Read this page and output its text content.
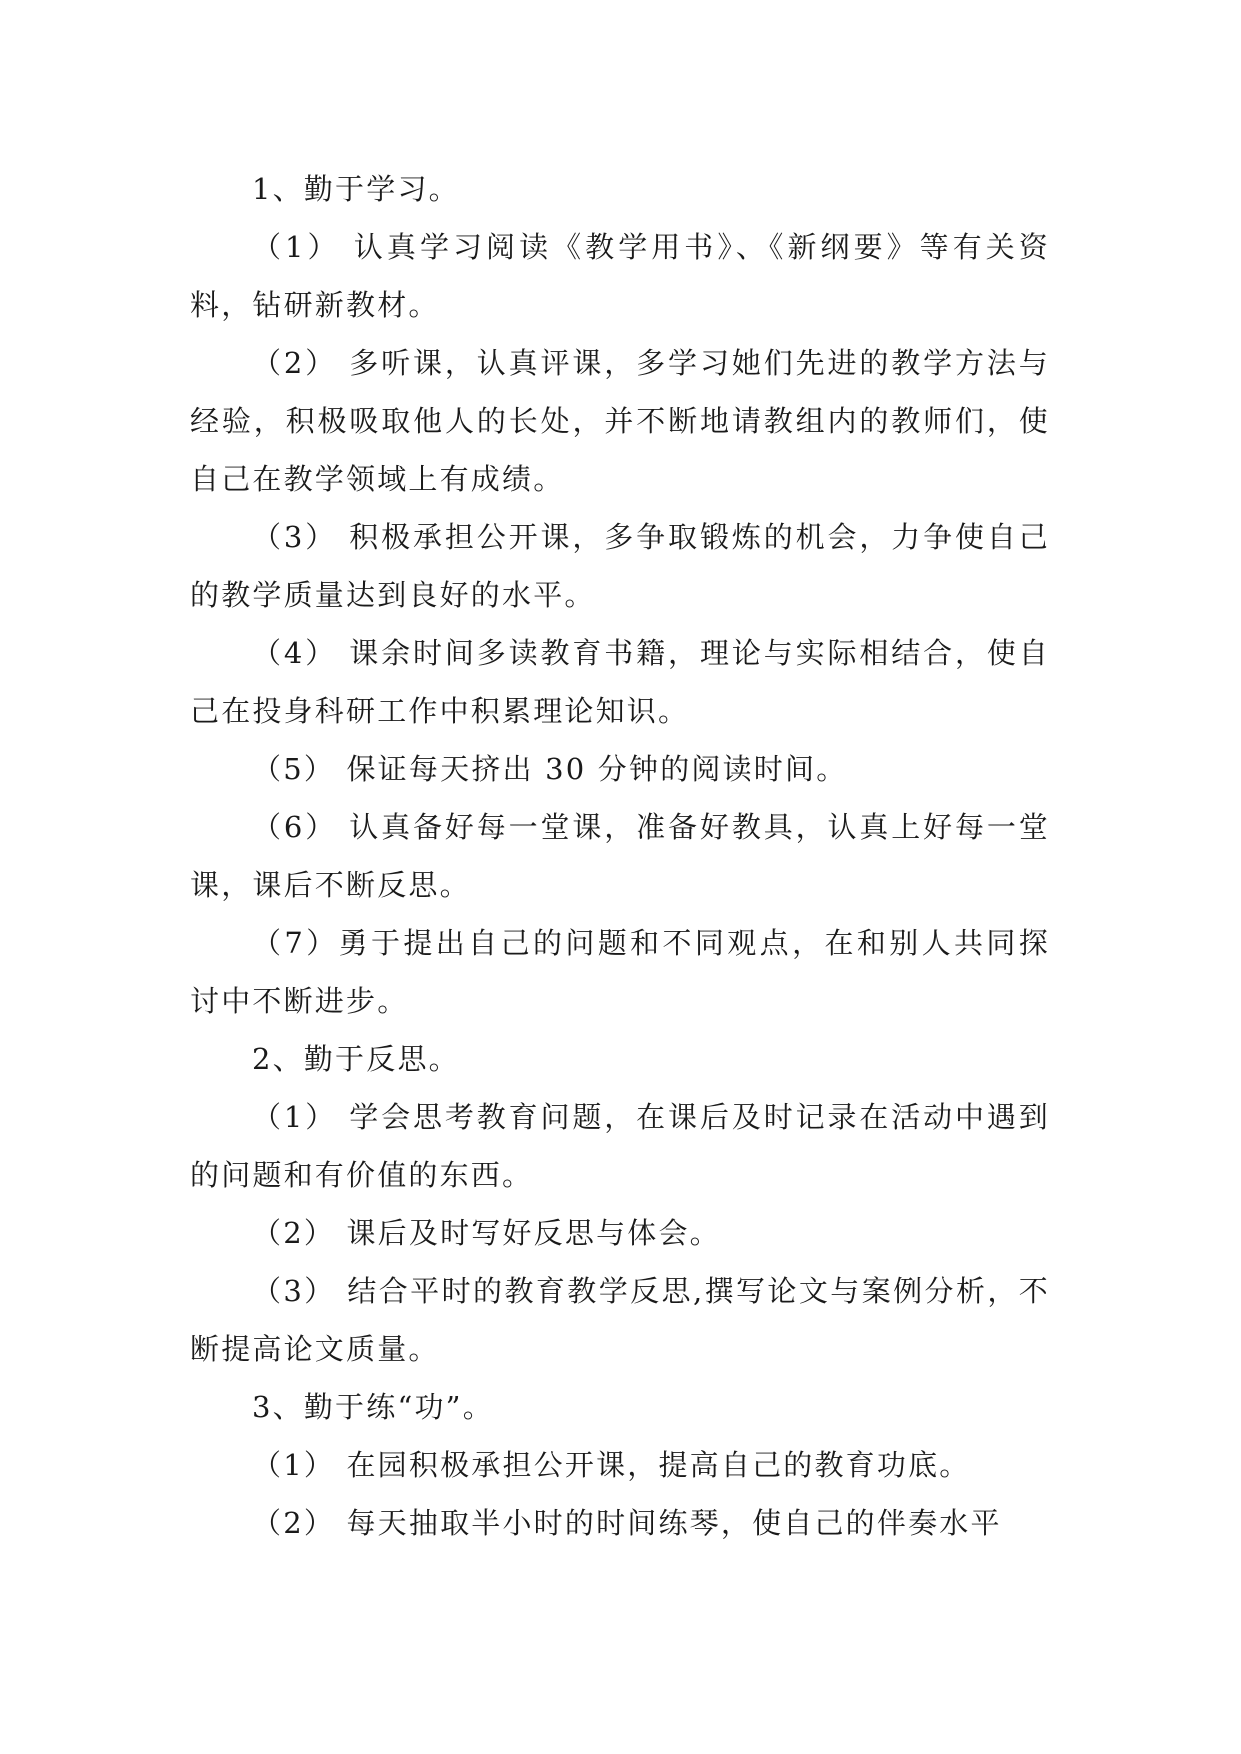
1、勤于学习。

（1） 认真学习阅读《教学用书》、《新纲要》等有关资料，钻研新教材。

（2） 多听课，认真评课，多学习她们先进的教学方法与经验，积极吸取他人的长处，并不断地请教组内的教师们，使自己在教学领域上有成绩。

（3） 积极承担公开课，多争取锻炼的机会，力争使自己的教学质量达到良好的水平。

（4） 课余时间多读教育书籍，理论与实际相结合，使自己在投身科研工作中积累理论知识。

（5） 保证每天挤出 30 分钟的阅读时间。

（6） 认真备好每一堂课，准备好教具，认真上好每一堂课，课后不断反思。

（7）勇于提出自己的问题和不同观点，在和别人共同探讨中不断进步。

2、勤于反思。

（1） 学会思考教育问题，在课后及时记录在活动中遇到的问题和有价值的东西。

（2） 课后及时写好反思与体会。

（3） 结合平时的教育教学反思,撰写论文与案例分析，不断提高论文质量。

3、勤于练“功”。

（1） 在园积极承担公开课，提高自己的教育功底。

（2） 每天抽取半小时的时间练琴，使自己的伴奏水平
